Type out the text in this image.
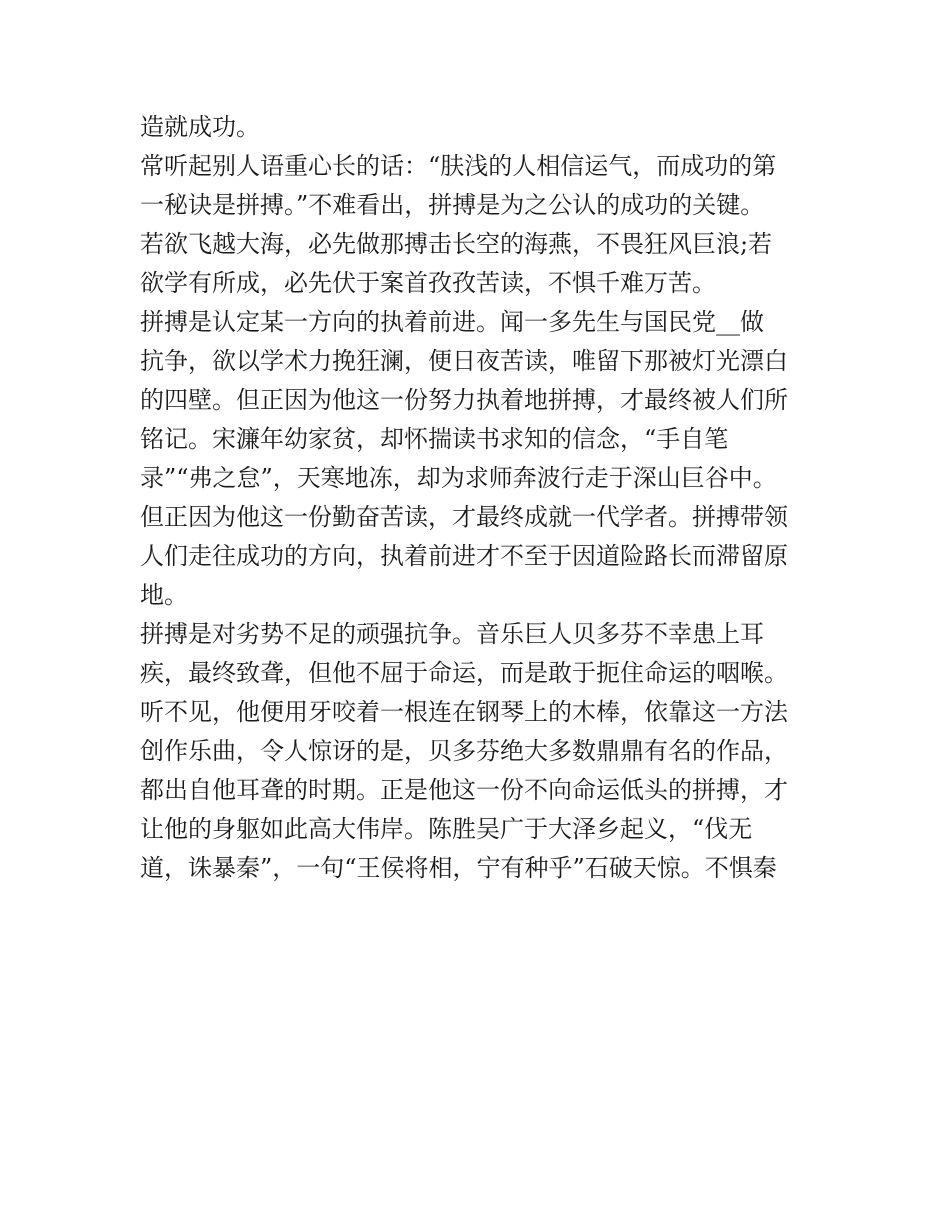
造就成功。
常听起别人语重心长的话：“肤浅的人相信运气，而成功的第
一秘诀是拼搏。”不难看出，拼搏是为之公认的成功的关键。
若欲飞越大海，必先做那搏击长空的海燕，不畏狂风巨浪;若
欲学有所成，必先伏于案首孜孜苦读，不惧千难万苦。
拼搏是认定某一方向的执着前进。闻一多先生与国民党__做
抗争，欲以学术力挽狂澜，便日夜苦读，唯留下那被灯光漂白
的四壁。但正因为他这一份努力执着地拼搏，才最终被人们所
铭记。宋濂年幼家贫，却怀揣读书求知的信念，“手自笔
录”“弗之怠”，天寒地冻，却为求师奔波行走于深山巨谷中。
但正因为他这一份勤奋苦读，才最终成就一代学者。拼搏带领
人们走往成功的方向，执着前进才不至于因道险路长而滞留原
地。
拼搏是对劣势不足的顽强抗争。音乐巨人贝多芬不幸患上耳
疾，最终致聋，但他不屈于命运，而是敢于扼住命运的咽喉。
听不见，他便用牙咬着一根连在钢琴上的木棒，依靠这一方法
创作乐曲，令人惊讶的是，贝多芬绝大多数鼎鼎有名的作品，
都出自他耳聋的时期。正是他这一份不向命运低头的拼搏，才
让他的身躯如此高大伟岸。陈胜吴广于大泽乡起义，“伐无
道，诛暴秦”，一句“王侯将相，宁有种乎”石破天惊。不惧秦
